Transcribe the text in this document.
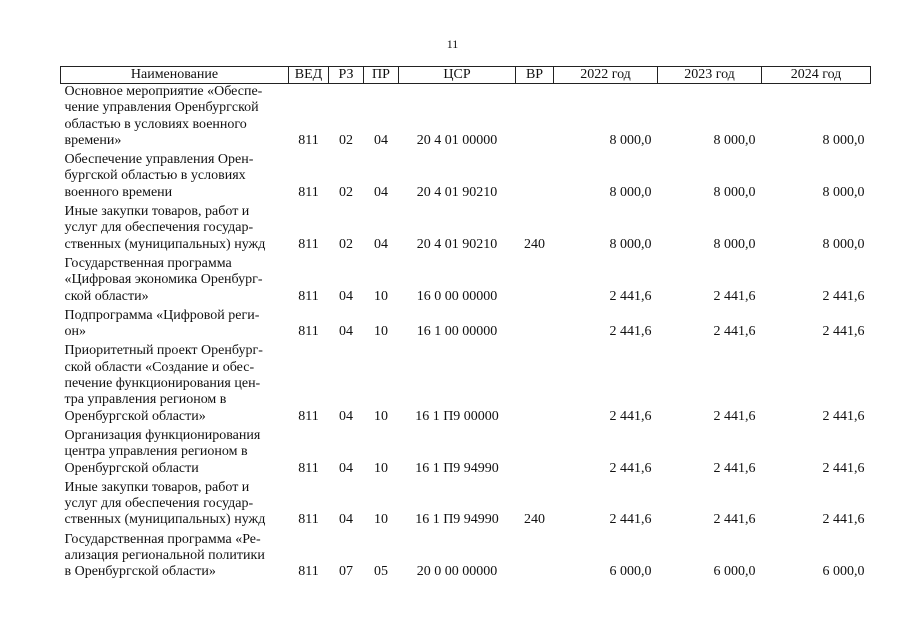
11
Наименование	ВЕД	РЗ	ПР	ЦСР	ВР	2022 год	2023 год	2024 год

Основное мероприятие «Обеспе-
чение управления Оренбургской
областью в условиях военного
времени»	811	02	04	20 4 01 00000		8 000,0	8 000,0	8 000,0

Обеспечение управления Орен-
бургской областью в условиях
военного времени	811	02	04	20 4 01 90210		8 000,0	8 000,0	8 000,0

Иные закупки товаров, работ и
услуг для обеспечения государ-
ственных (муниципальных) нужд	811	02	04	20 4 01 90210	240	8 000,0	8 000,0	8 000,0

Государственная программа
«Цифровая экономика Оренбург-
ской области»	811	04	10	16 0 00 00000		2 441,6	2 441,6	2 441,6

Подпрограмма «Цифровой реги-
он»	811	04	10	16 1 00 00000		2 441,6	2 441,6	2 441,6

Приоритетный проект Оренбург-
ской области «Создание и обес-
печение функционирования цен-
тра управления регионом в
Оренбургской области»	811	04	10	16 1 П9 00000		2 441,6	2 441,6	2 441,6

Организация функционирования
центра управления регионом в
Оренбургской области	811	04	10	16 1 П9 94990		2 441,6	2 441,6	2 441,6

Иные закупки товаров, работ и
услуг для обеспечения государ-
ственных (муниципальных) нужд	811	04	10	16 1 П9 94990	240	2 441,6	2 441,6	2 441,6

Государственная программа «Ре-
ализация региональной политики
в Оренбургской области»	811	07	05	20 0 00 00000		6 000,0	6 000,0	6 000,0
